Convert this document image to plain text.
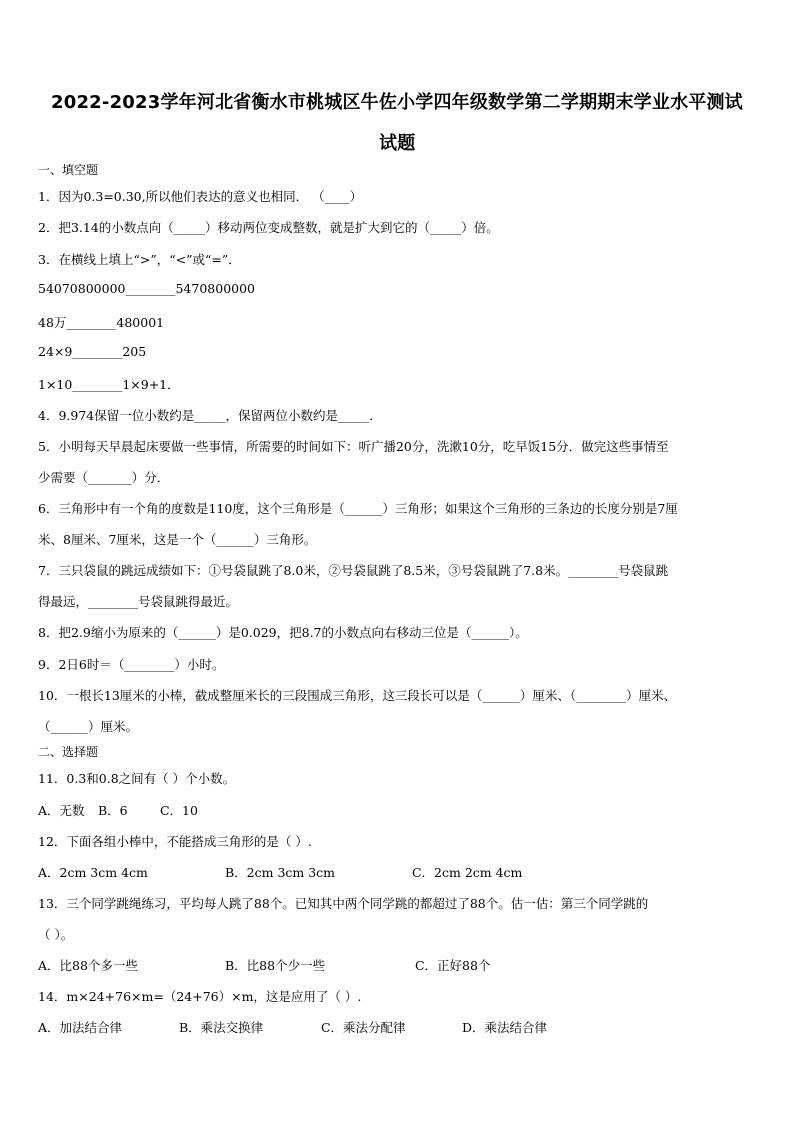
2022-2023学年河北省衡水市桃城区牛佐小学四年级数学第二学期期末学业水平测试
试题
一、填空题
1．因为0.3=0.30,所以他们表达的意义也相同． （____）
2．把3.14的小数点向（_____）移动两位变成整数，就是扩大到它的（_____）倍。
3．在横线上填上“>”，“<”或“=”．
54070800000________5470800000
48万________480001
24×9________205
1×10________1×9+1．
4．9.974保留一位小数约是_____，保留两位小数约是_____．
5．小明每天早晨起床要做一些事情，所需要的时间如下：听广播20分，洗漱10分，吃早饭15分．做完这些事情至
少需要（_______）分．
6．三角形中有一个角的度数是110度，这个三角形是（______）三角形；如果这个三角形的三条边的长度分别是7厘
米、8厘米、7厘米，这是一个（______）三角形。
7．三只袋鼠的跳远成绩如下：①号袋鼠跳了8.0米，②号袋鼠跳了8.5米，③号袋鼠跳了7.8米。________号袋鼠跳
得最远，________号袋鼠跳得最近。
8．把2.9缩小为原来的（______）是0.029，把8.7的小数点向右移动三位是（______）。
9．2日6时＝（________）小时。
10．一根长13厘米的小棒，截成整厘米长的三段围成三角形，这三段长可以是（______）厘米、（________）厘米、
（______）厘米。
二、选择题
11．0.3和0.8之间有（ ）个小数。
A．无数 B．6	C．10
12．下面各组小棒中，不能搭成三角形的是（ ）.
A．2cm 3cm 4cm	B．2cm 3cm 3cm	C．2cm 2cm 4cm
13．三个同学跳绳练习，平均每人跳了88个。已知其中两个同学跳的都超过了88个。估一估：第三个同学跳的
（ ）。
A．比88个多一些	B．比88个少一些	C．正好88个
14．m×24+76×m=（24+76）×m，这是应用了（ ）.
A．加法结合律	B．乘法交换律	C．乘法分配律	D．乘法结合律
